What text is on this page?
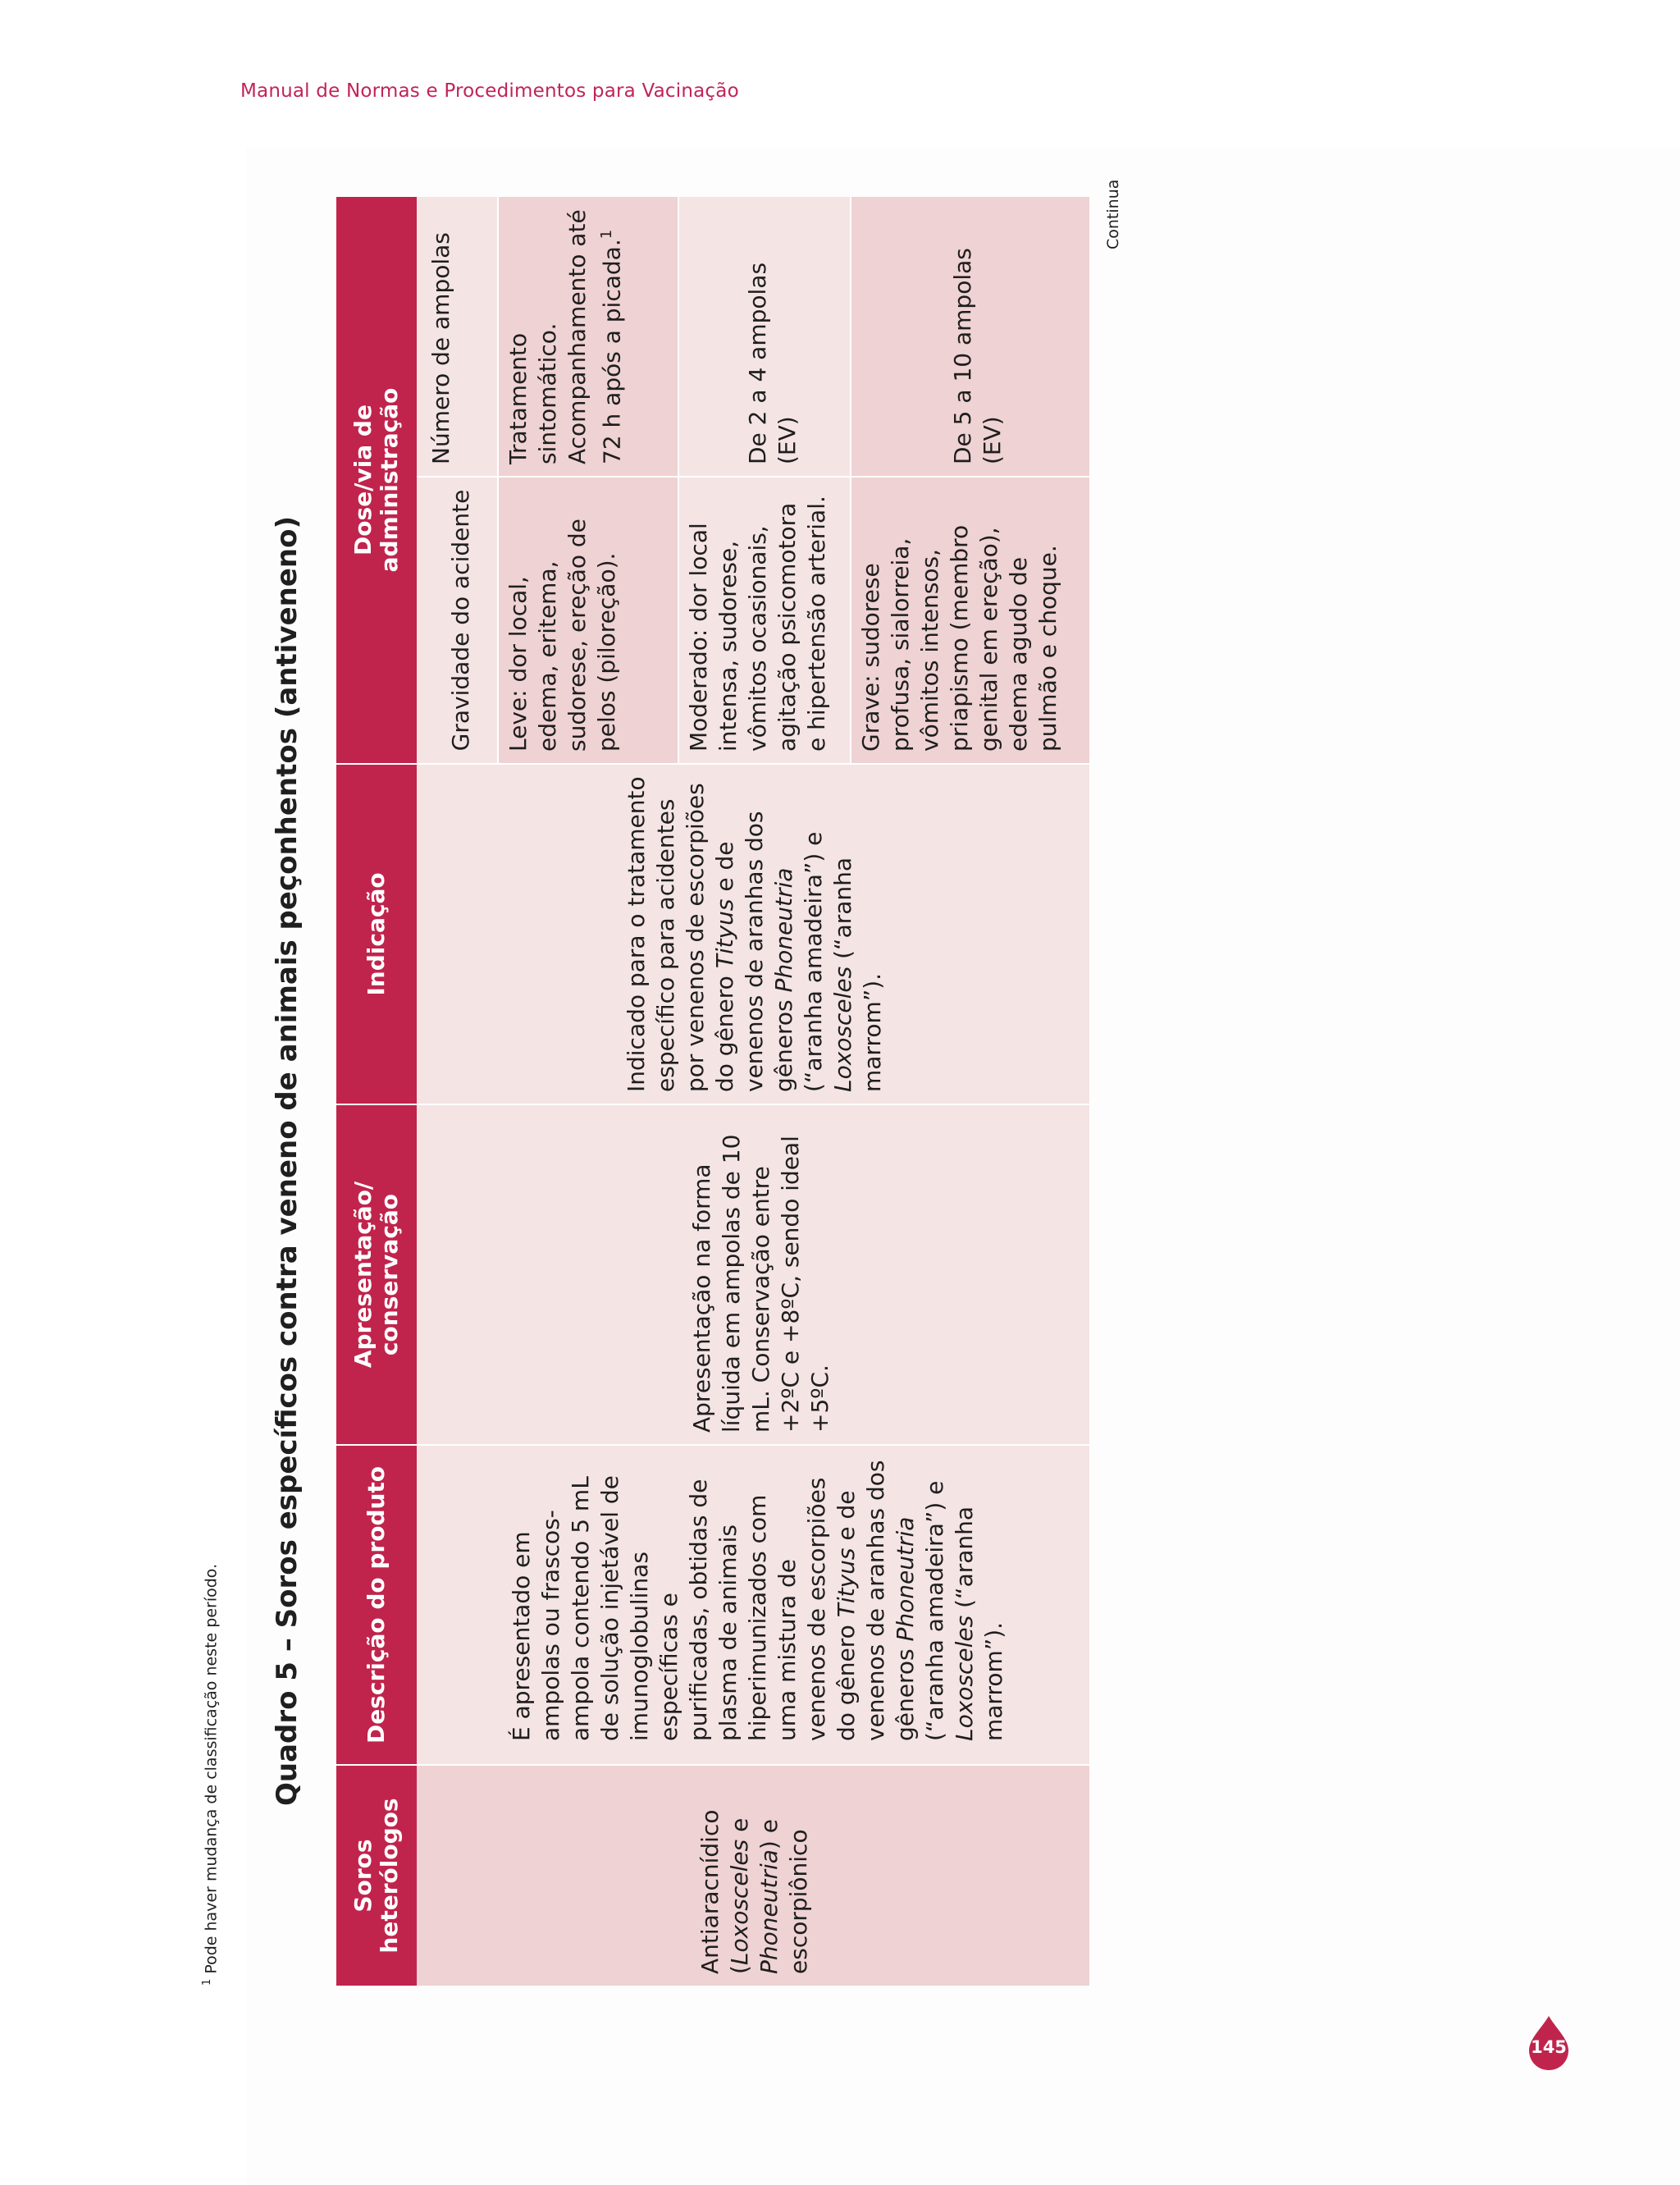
Manual de Normas e Procedimentos para Vacinação
Quadro 5 – Soros específicos contra veneno de animais peçonhentos (antiveneno)
Soros
heterólogos
Descrição do produto
Apresentação/
conservação
Indicação
Dose/via de
administração
Antiaracnídico (Loxosceles e
Phoneutria) e escorpiônico
É apresentado em ampolas ou frascos-ampola contendo 5 mL de solução injetável de imunoglobulinas específicas e purificadas, obtidas de plasma de animais hiperimunizados com uma mistura de venenos de escorpiões do gênero Tityus e de venenos de aranhas dos gêneros Phoneutria (“aranha amadeira”) e Loxosceles (“aranha marrom”).
Apresentação na forma líquida em ampolas de 10 mL. Conservação entre +2ºC e +8ºC, sendo ideal +5ºC.
Indicado para o tratamento específico para acidentes por venenos de escorpiões do gênero Tityus e de venenos de aranhas dos gêneros Phoneutria (“aranha amadeira”) e Loxosceles (“aranha marrom”).
Gravidade do acidente
Número de ampolas
Leve: dor local, edema, eritema, sudorese, ereção de pelos (piloreção).
Tratamento sintomático. Acompanhamento até 72 h após a picada.$^1$
Moderado: dor local intensa, sudorese, vômitos ocasionais, agitação psicomotora e hipertensão arterial.
De 2 a 4 ampolas (EV)
Grave: sudorese profusa, sialorreia, vômitos intensos, priapismo (membro genital em ereção), edema agudo de pulmão e choque.
De 5 a 10 ampolas (EV)
Continua
$^1$ Pode haver mudança de classificação neste período.
145
